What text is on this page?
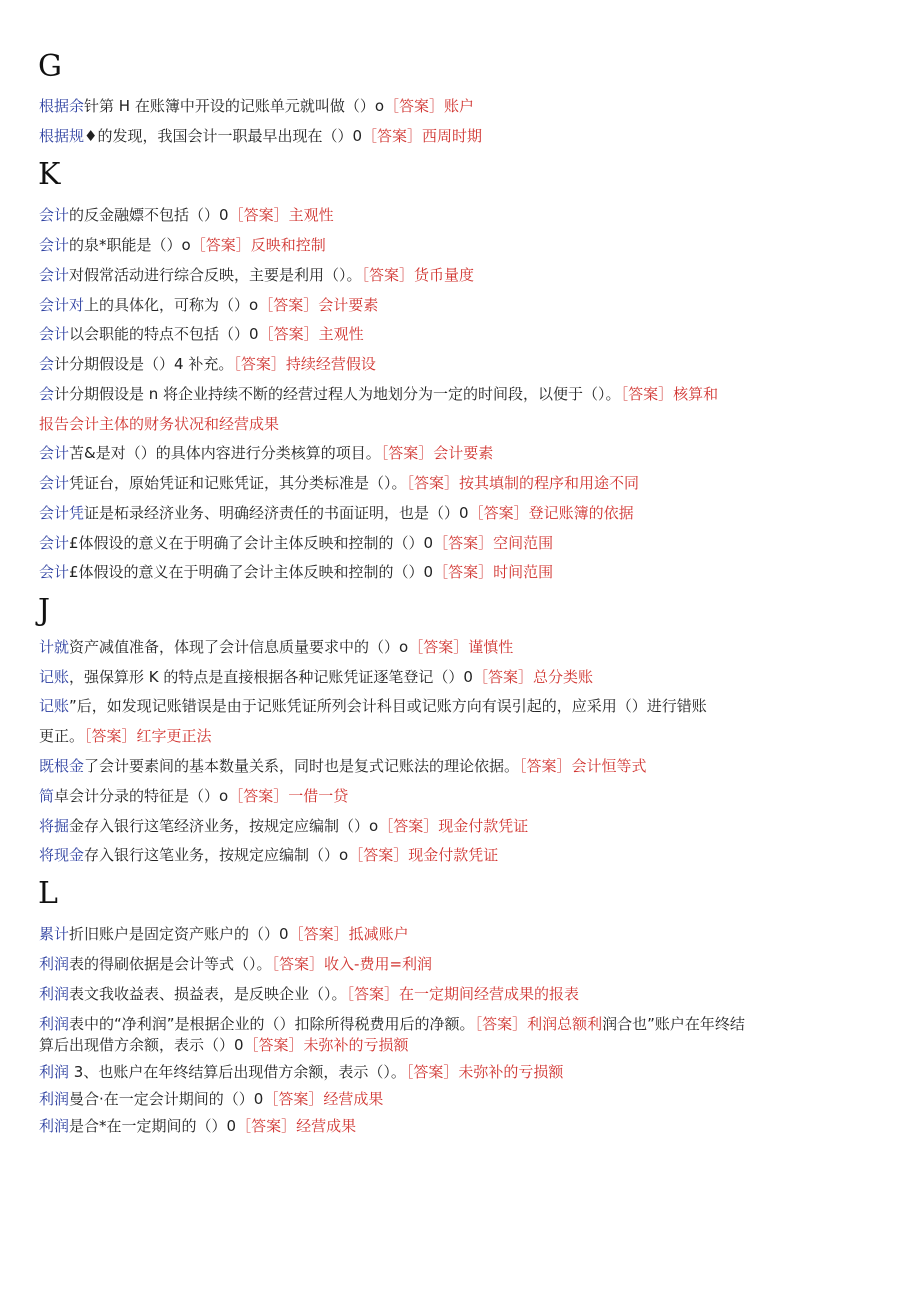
G
根据余针第 H 在账簿中开设的记账单元就叫做（）o［答案］账户
根据规♦的发现，我国会计一职最早出现在（）0［答案］西周时期
K
会计的反金融嫖不包括（）0［答案］主观性
会计的泉*职能是（）o［答案］反映和控制
会计对假常活动进行综合反映，主要是利用（）。［答案］货币量度
会计对上的具体化，可称为（）o［答案］会计要素
会计以会职能的特点不包括（）0［答案］主观性
会计分期假设是（）4 补充。［答案］持续经营假设
会计分期假设是 n 将企业持续不断的经营过程人为地划分为一定的时间段，以便于（）。［答案］核算和
报告会计主体的财务状况和经营成果
会计苫&是对（）的具体内容进行分类核算的项目。［答案］会计要素
会计凭证台，原始凭证和记账凭证，其分类标准是（）。［答案］按其填制的程序和用途不同
会计凭证是柘录经济业务、明确经济责任的书面证明，也是（）0［答案］登记账簿的依据
会计£体假设的意义在于明确了会计主体反映和控制的（）0［答案］空间范围
会计£体假设的意义在于明确了会计主体反映和控制的（）0［答案］时间范围
J
计就资产减值准备，体现了会计信息质量要求中的（）o［答案］谨慎性
记账，强保算形 K 的特点是直接根据各种记账凭证逐笔登记（）0［答案］总分类账
记账”后，如发现记账错误是由于记账凭证所列会计科目或记账方向有误引起的，应采用（）进行错账
更正。［答案］红字更正法
既根金了会计要素间的基本数量关系，同时也是复式记账法的理论依据。［答案］会计恒等式
简卓会计分录的特征是（）o［答案］一借一贷
将掘金存入银行这笔经济业务，按规定应编制（）o［答案］现金付款凭证
将现金存入银行这笔业务，按规定应编制（）o［答案］现金付款凭证
L
累计折旧账户是固定资产账户的（）0［答案］抵减账户
利润表的得刷依据是会计等式（）。［答案］收入-费用=利润
利润表文我收益表、损益表，是反映企业（）。［答案］在一定期间经营成果的报表
利润表中的“净利润”是根据企业的（）扣除所得税费用后的净额。［答案］利润总额利润合也”账户在年终结
算后出现借方余额，表示（）0［答案］未弥补的亏损额
利润 3、也账户在年终结算后出现借方余额，表示（）。［答案］未弥补的亏损额
利润曼合·在一定会计期间的（）0［答案］经营成果
利润是合*在一定期间的（）0［答案］经营成果
